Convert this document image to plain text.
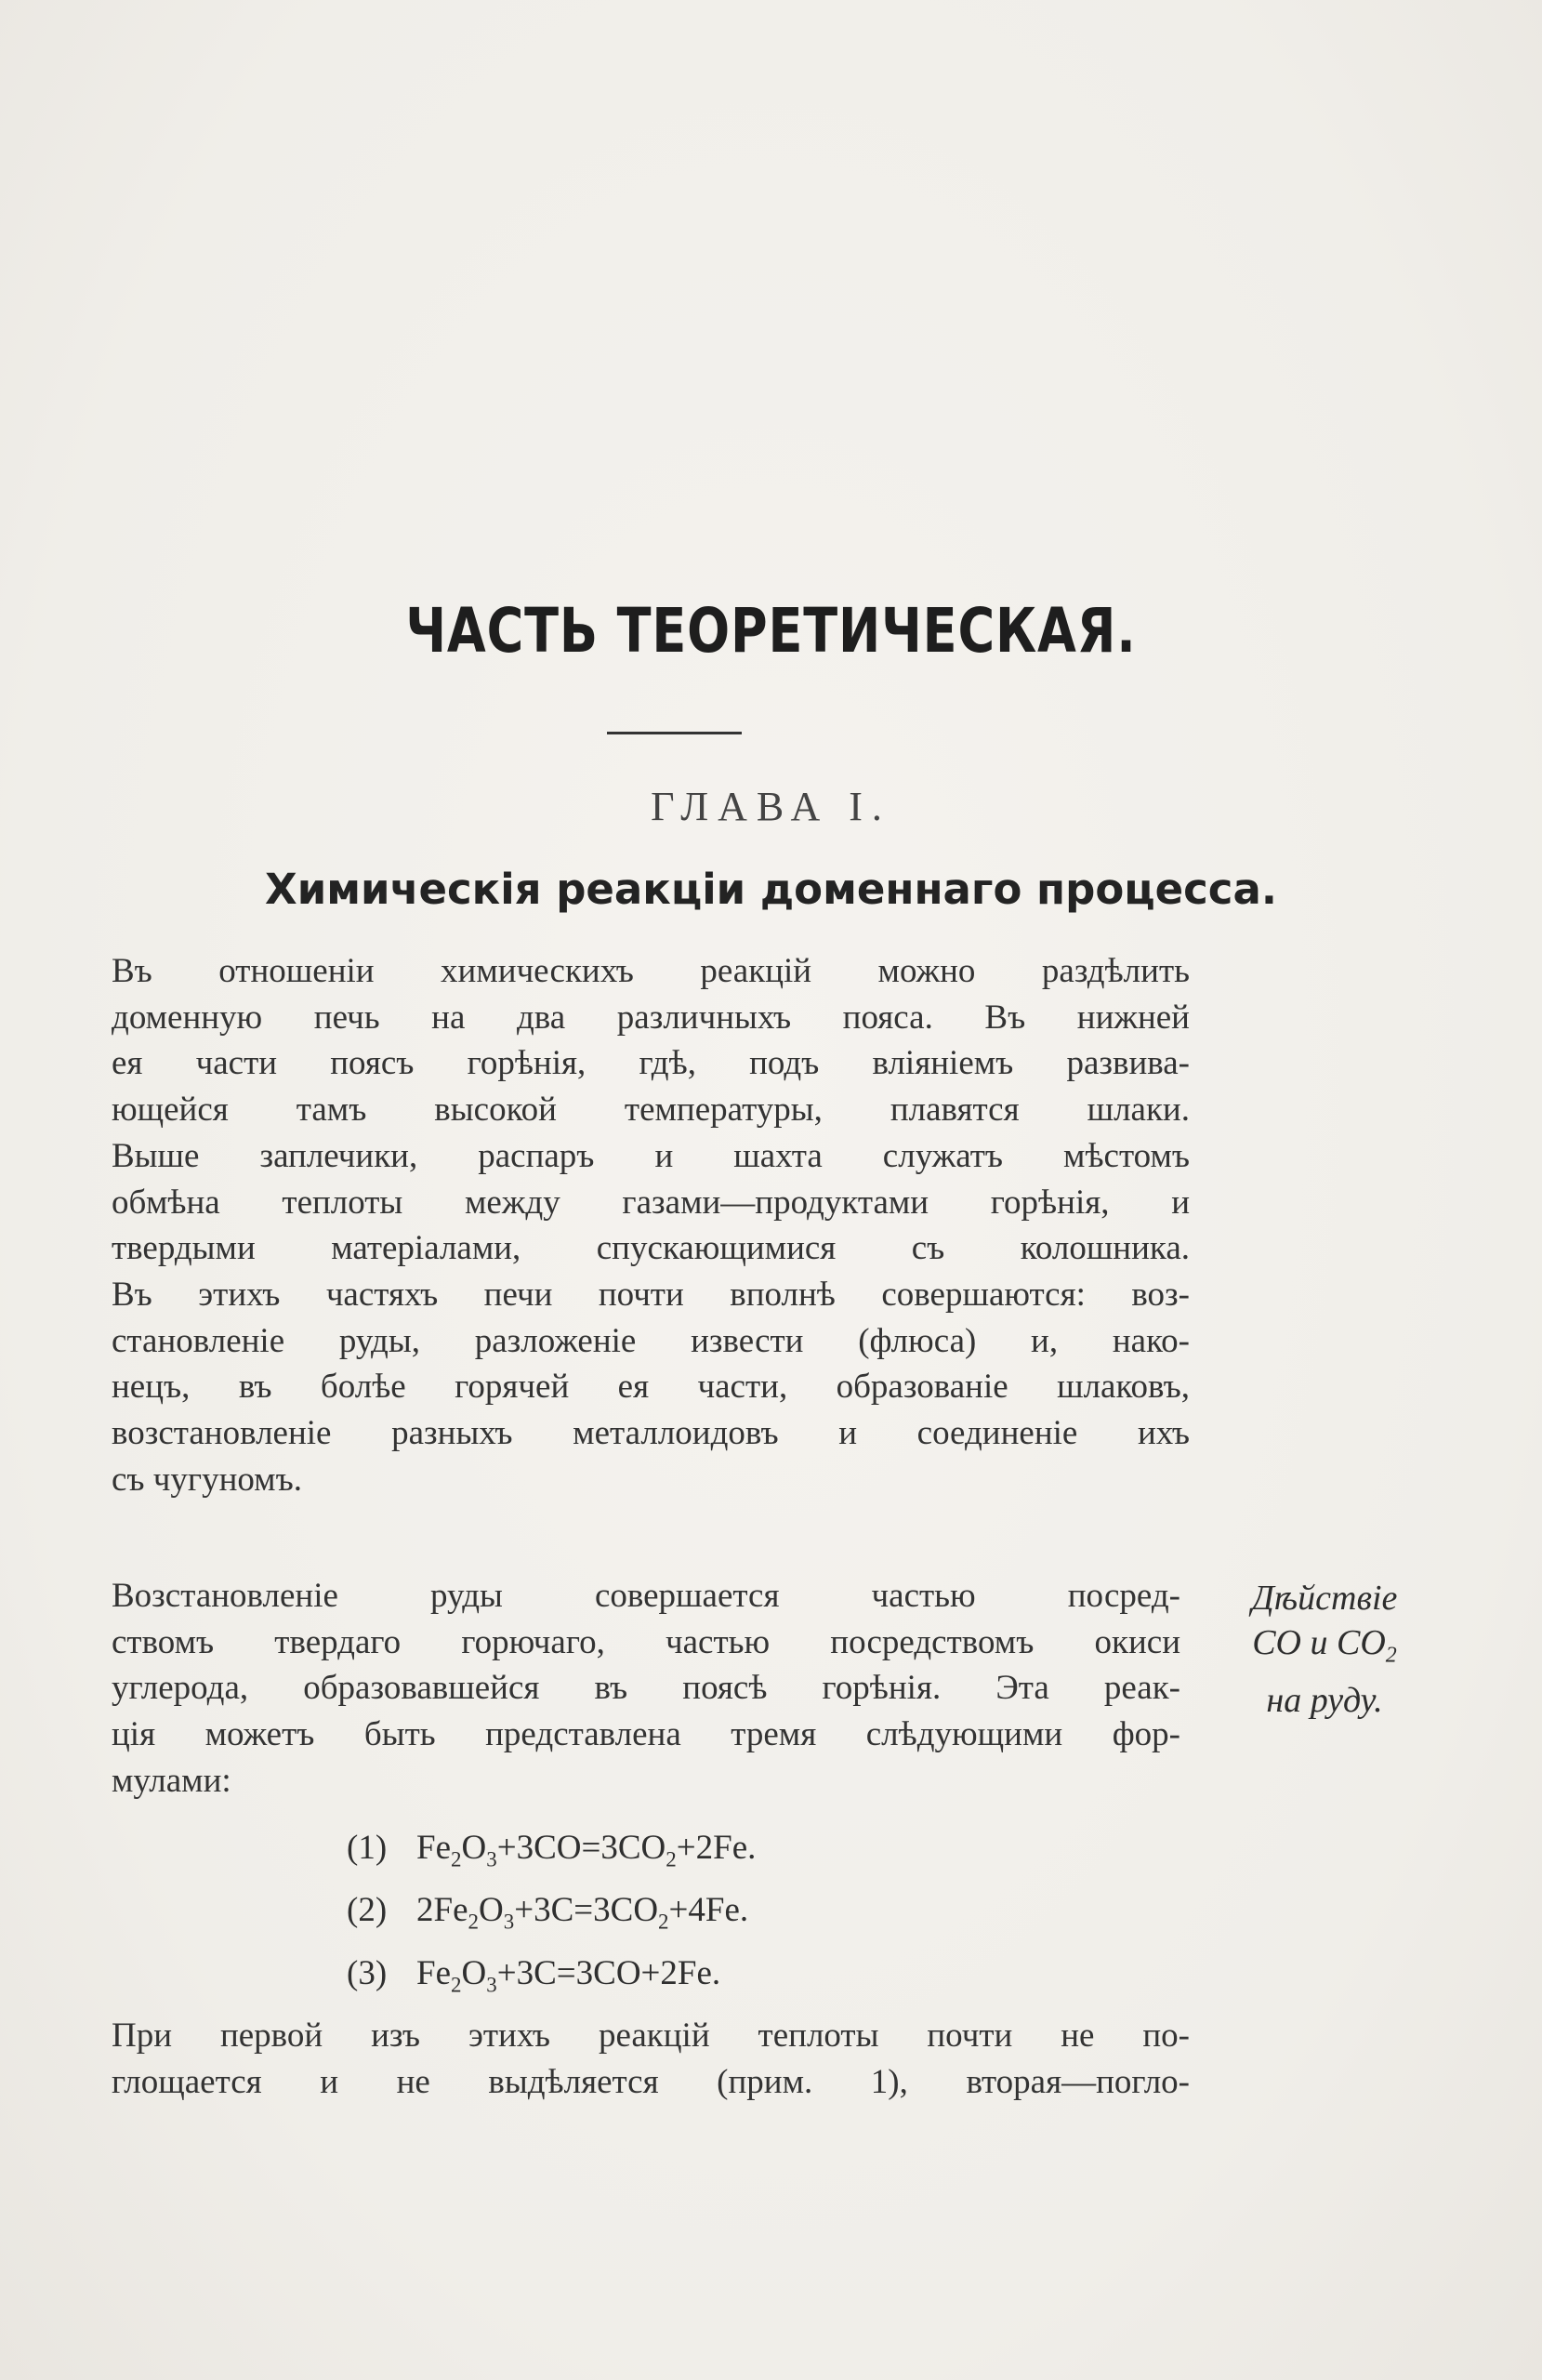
ЧАСТЬ ТЕОРЕТИЧЕСКАЯ.
ГЛАВА I.
Химическія реакціи доменнаго процесса.
Въ отношеніи химическихъ реакцій можно раздѣлить
доменную печь на два различныхъ пояса. Въ нижней
ея части поясъ горѣнія, гдѣ, подъ вліяніемъ развива-
ющейся тамъ высокой температуры, плавятся шлаки.
Выше заплечики, распаръ и шахта служатъ мѣстомъ
обмѣна теплоты между газами—продуктами горѣнія, и
твердыми матеріалами, спускающимися съ колошника.
Въ этихъ частяхъ печи почти вполнѣ совершаются: воз-
становленіе руды, разложеніе извести (флюса) и, нако-
нецъ, въ болѣе горячей ея части, образованіе шлаковъ,
возстановленіе разныхъ металлоидовъ и соединеніе ихъ
съ чугуномъ.
Возстановленіе руды совершается частью посред-
ствомъ твердаго горючаго, частью посредствомъ окиси
углерода, образовавшейся въ поясѣ горѣнія. Эта реак-
ція можетъ быть представлена тремя слѣдующими фор-
мулами:
Дѣйствіе
CO и $CO_2$
на руду.
(1) $Fe_2O_3+3CO=3CO_2+2Fe$.
(2) $2Fe_2O_3+3C=3CO_2+4Fe$.
(3) $Fe_2O_3+3C=3CO+2Fe$.
При первой изъ этихъ реакцій теплоты почти не по-
глощается и не выдѣляется (прим. 1), вторая—погло-
